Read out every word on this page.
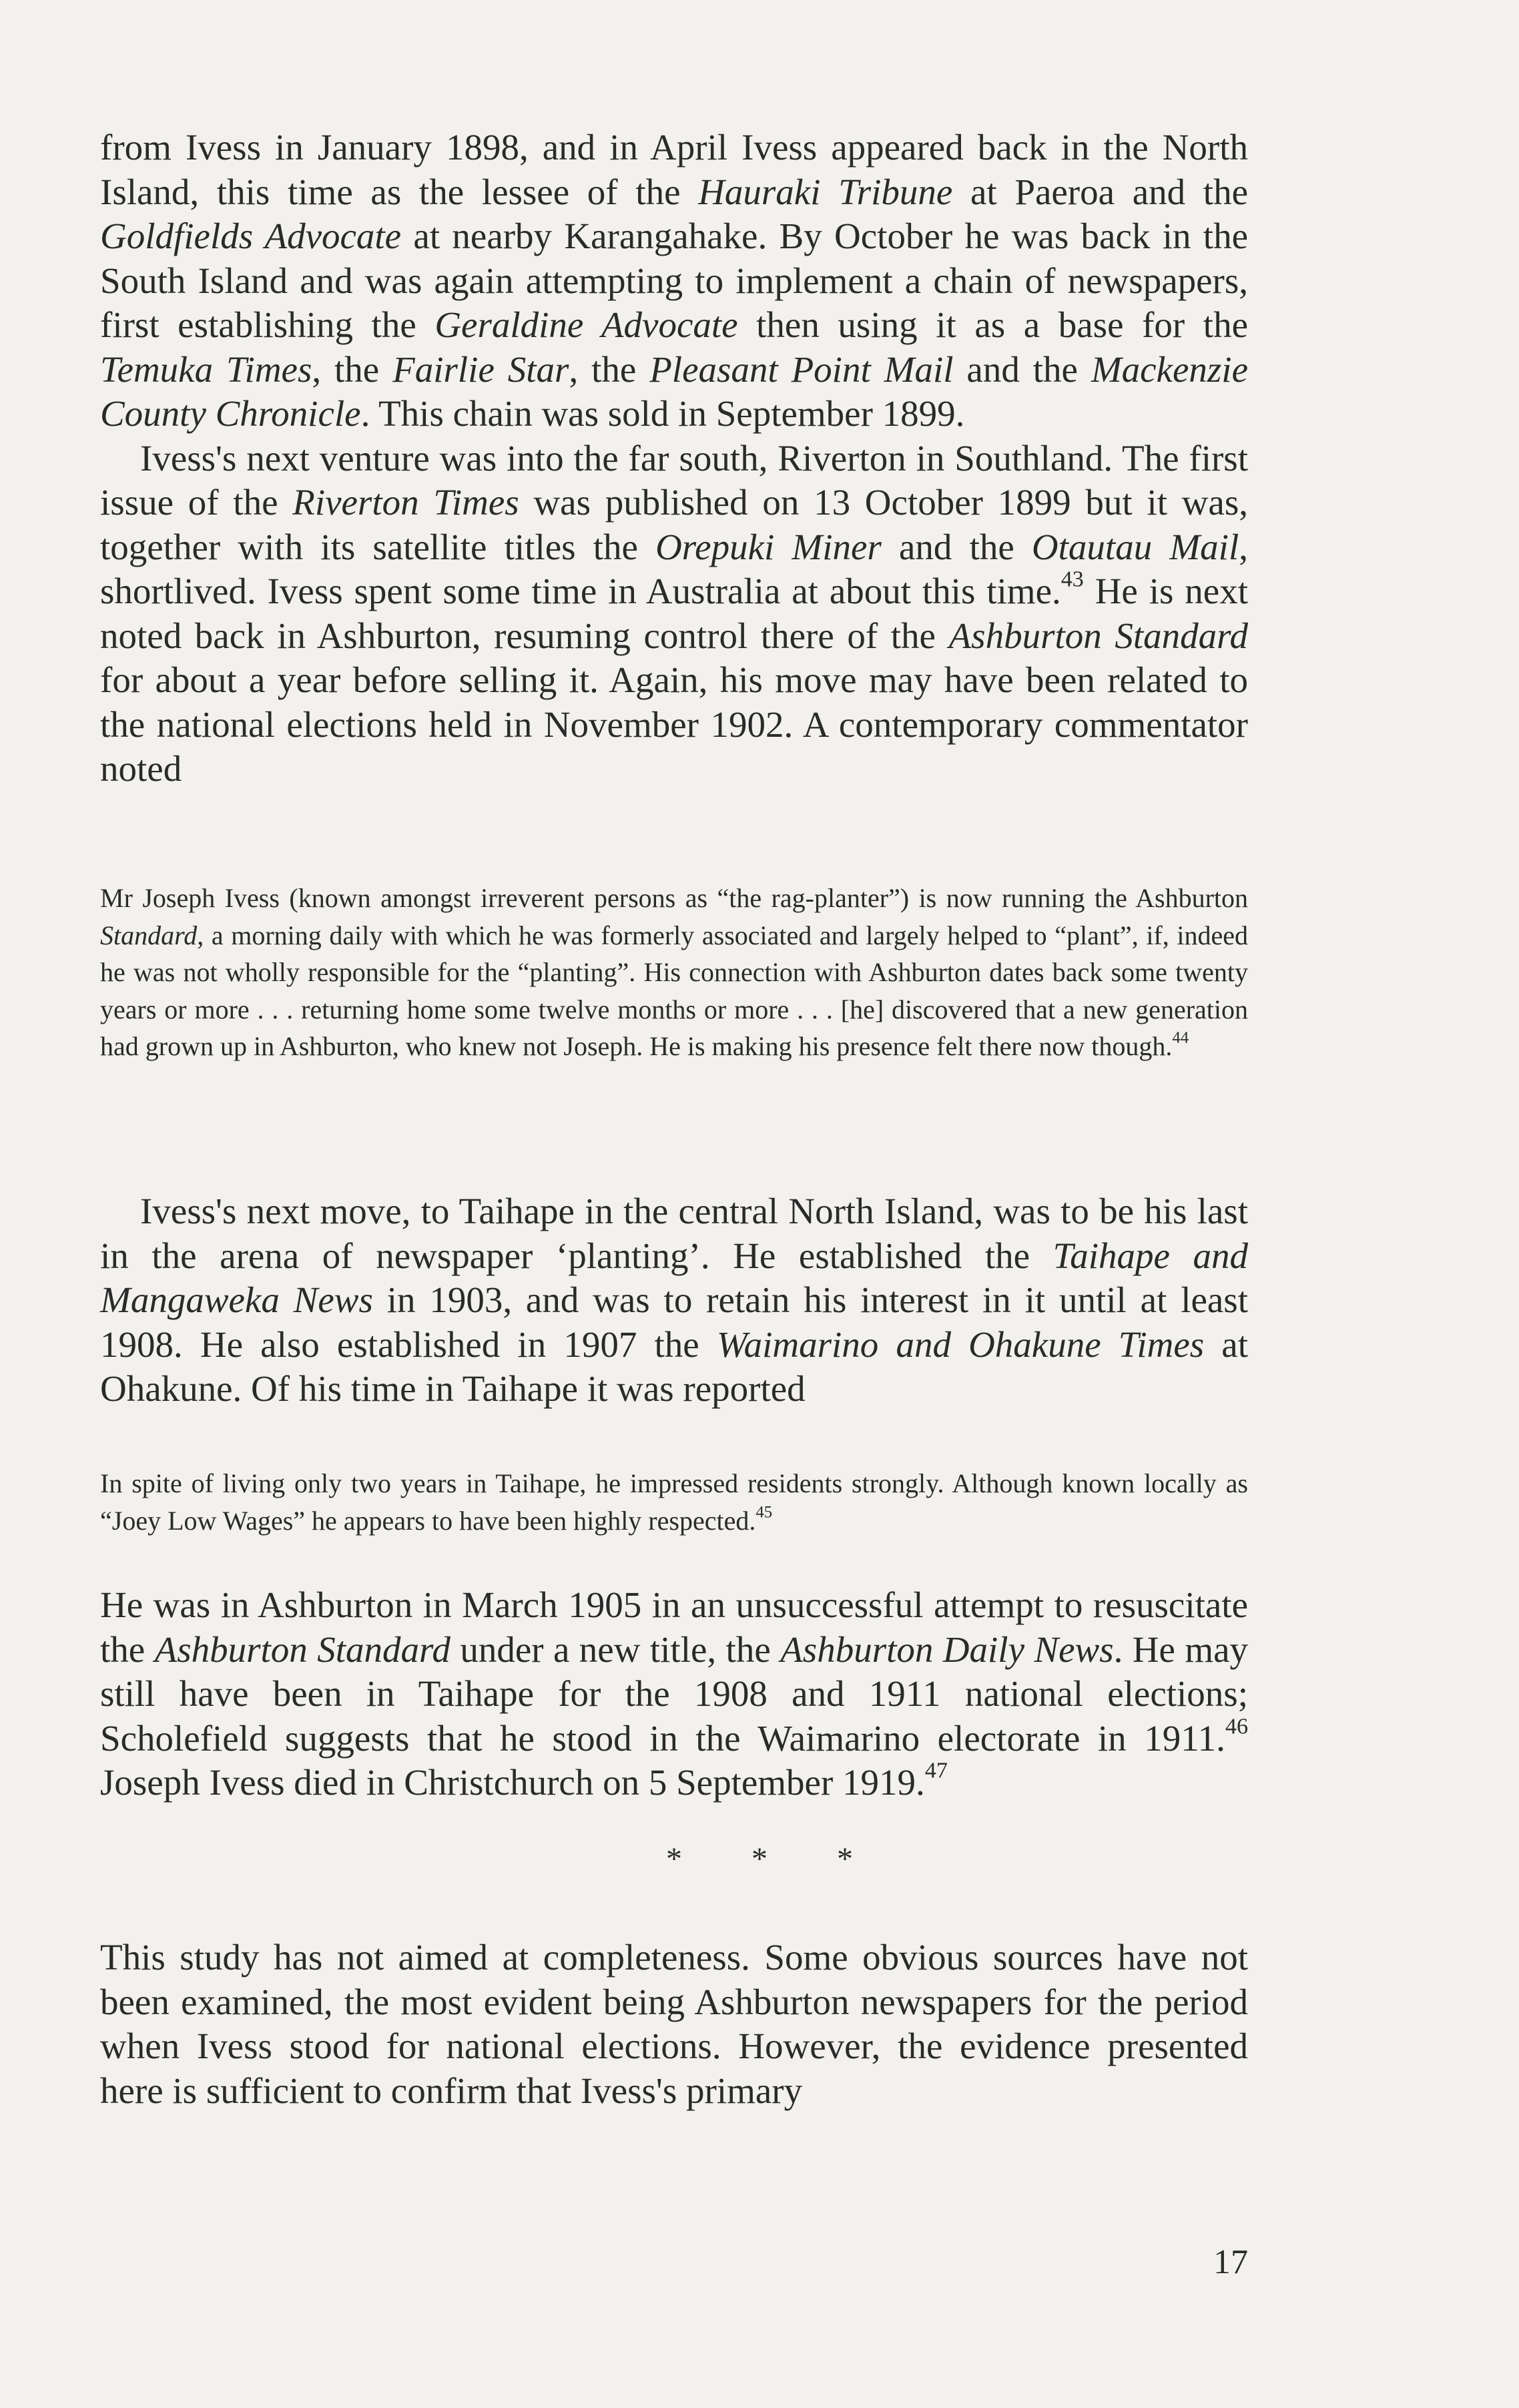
from Ivess in January 1898, and in April Ivess appeared back in the North Island, this time as the lessee of the Hauraki Tribune at Paeroa and the Goldfields Advocate at nearby Karangahake. By October he was back in the South Island and was again attempting to implement a chain of newspapers, first establishing the Geraldine Advocate then using it as a base for the Temuka Times, the Fairlie Star, the Pleasant Point Mail and the Mackenzie County Chronicle. This chain was sold in September 1899.

Ivess's next venture was into the far south, Riverton in Southland. The first issue of the Riverton Times was published on 13 October 1899 but it was, together with its satellite titles the Orepuki Miner and the Otautau Mail, shortlived. Ivess spent some time in Australia at about this time.$^{43}$ He is next noted back in Ashburton, resuming control there of the Ashburton Standard for about a year before selling it. Again, his move may have been related to the national elections held in November 1902. A contemporary commentator noted

Mr Joseph Ivess (known amongst irreverent persons as “the rag-planter”) is now running the Ashburton Standard, a morning daily with which he was formerly associated and largely helped to “plant”, if, indeed he was not wholly responsible for the “planting”. His connection with Ashburton dates back some twenty years or more . . . returning home some twelve months or more . . . [he] discovered that a new generation had grown up in Ashburton, who knew not Joseph. He is making his presence felt there now though.$^{44}$

Ivess's next move, to Taihape in the central North Island, was to be his last in the arena of newspaper ‘planting’. He established the Taihape and Mangaweka News in 1903, and was to retain his interest in it until at least 1908. He also established in 1907 the Waimarino and Ohakune Times at Ohakune. Of his time in Taihape it was reported

In spite of living only two years in Taihape, he impressed residents strongly. Although known locally as “Joey Low Wages” he appears to have been highly respected.$^{45}$

He was in Ashburton in March 1905 in an unsuccessful attempt to resuscitate the Ashburton Standard under a new title, the Ashburton Daily News. He may still have been in Taihape for the 1908 and 1911 national elections; Scholefield suggests that he stood in the Waimarino electorate in 1911.46 Joseph Ivess died in Christchurch on 5 September 1919.47

* * *

This study has not aimed at completeness. Some obvious sources have not been examined, the most evident being Ashburton newspapers for the period when Ivess stood for national elections. However, the evidence presented here is sufficient to confirm that Ivess's primary

17
